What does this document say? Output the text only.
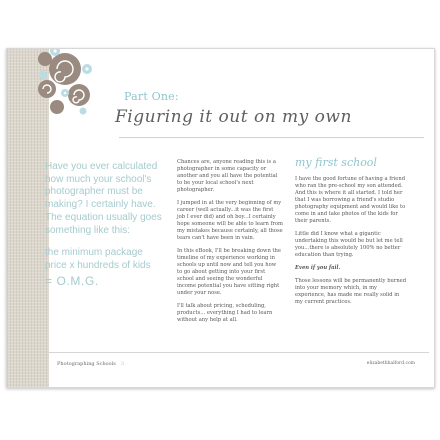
Part One:
Figuring it out on my own
Have you ever calculated how much your school's photographer must be making? I certainly have. The equation usually goes something like this:
the minimum package price x hundreds of kids
= O.M.G.

Chances are, anyone reading this is a photographer in some capacity or another and you all have the potential to be your local school's next photographer.

I jumped in at the very beginning of my career (well actually...it was the first job I ever did) and oh boy...I certainly hope someone will be able to learn from my mistakes because certainly, all those tears can't have been in vain.

In this eBook, I'll be breaking down the timeline of my experience working in schools up until now and tell you how to go about getting into your first school and seeing the wonderful income potential you have sitting right under your nose.

I'll talk about pricing, scheduling, products... everything I had to learn without any help at all.

my first school

I have the good fortune of having a friend who ran the pre-school my son attended. And this is where it all started. I told her that I was borrowing a friend's studio photography equipment and would like to come in and take photos of the kids for their parents.

Little did I know what a gigantic undertaking this would be but let me tell you...there is absolutely 100% no better education than trying.

Even if you fail.

Those lessons will be permanently burned into your memory which, in my experience, has made me really solid in my current practices.

Photographing Schools 3	elizabethhalford.com
